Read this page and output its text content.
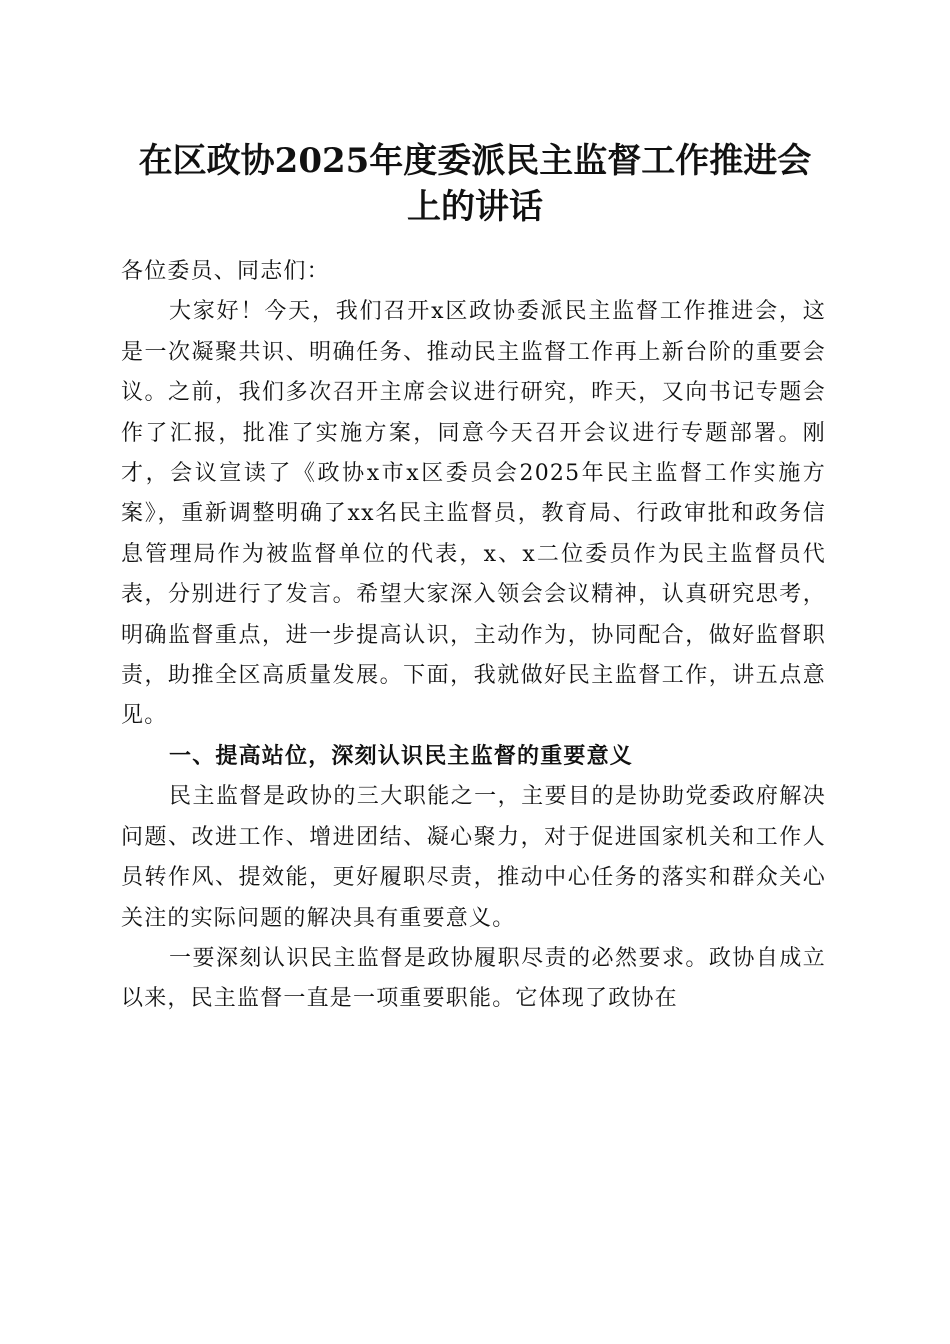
在区政协2025年度委派民主监督工作推进会
上的讲话

各位委员、同志们：

大家好！今天，我们召开x区政协委派民主监督工作推进会，这是一次凝聚共识、明确任务、推动民主监督工作再上新台阶的重要会议。之前，我们多次召开主席会议进行研究，昨天，又向书记专题会作了汇报，批准了实施方案，同意今天召开会议进行专题部署。刚才，会议宣读了《政协x市x区委员会2025年民主监督工作实施方案》，重新调整明确了xx名民主监督员，教育局、行政审批和政务信息管理局作为被监督单位的代表，x、x二位委员作为民主监督员代表，分别进行了发言。希望大家深入领会会议精神，认真研究思考，明确监督重点，进一步提高认识，主动作为，协同配合，做好监督职责，助推全区高质量发展。下面，我就做好民主监督工作，讲五点意见。

一、提高站位，深刻认识民主监督的重要意义

民主监督是政协的三大职能之一，主要目的是协助党委政府解决问题、改进工作、增进团结、凝心聚力，对于促进国家机关和工作人员转作风、提效能，更好履职尽责，推动中心任务的落实和群众关心关注的实际问题的解决具有重要意义。

一要深刻认识民主监督是政协履职尽责的必然要求。政协自成立以来，民主监督一直是一项重要职能。它体现了政协在
